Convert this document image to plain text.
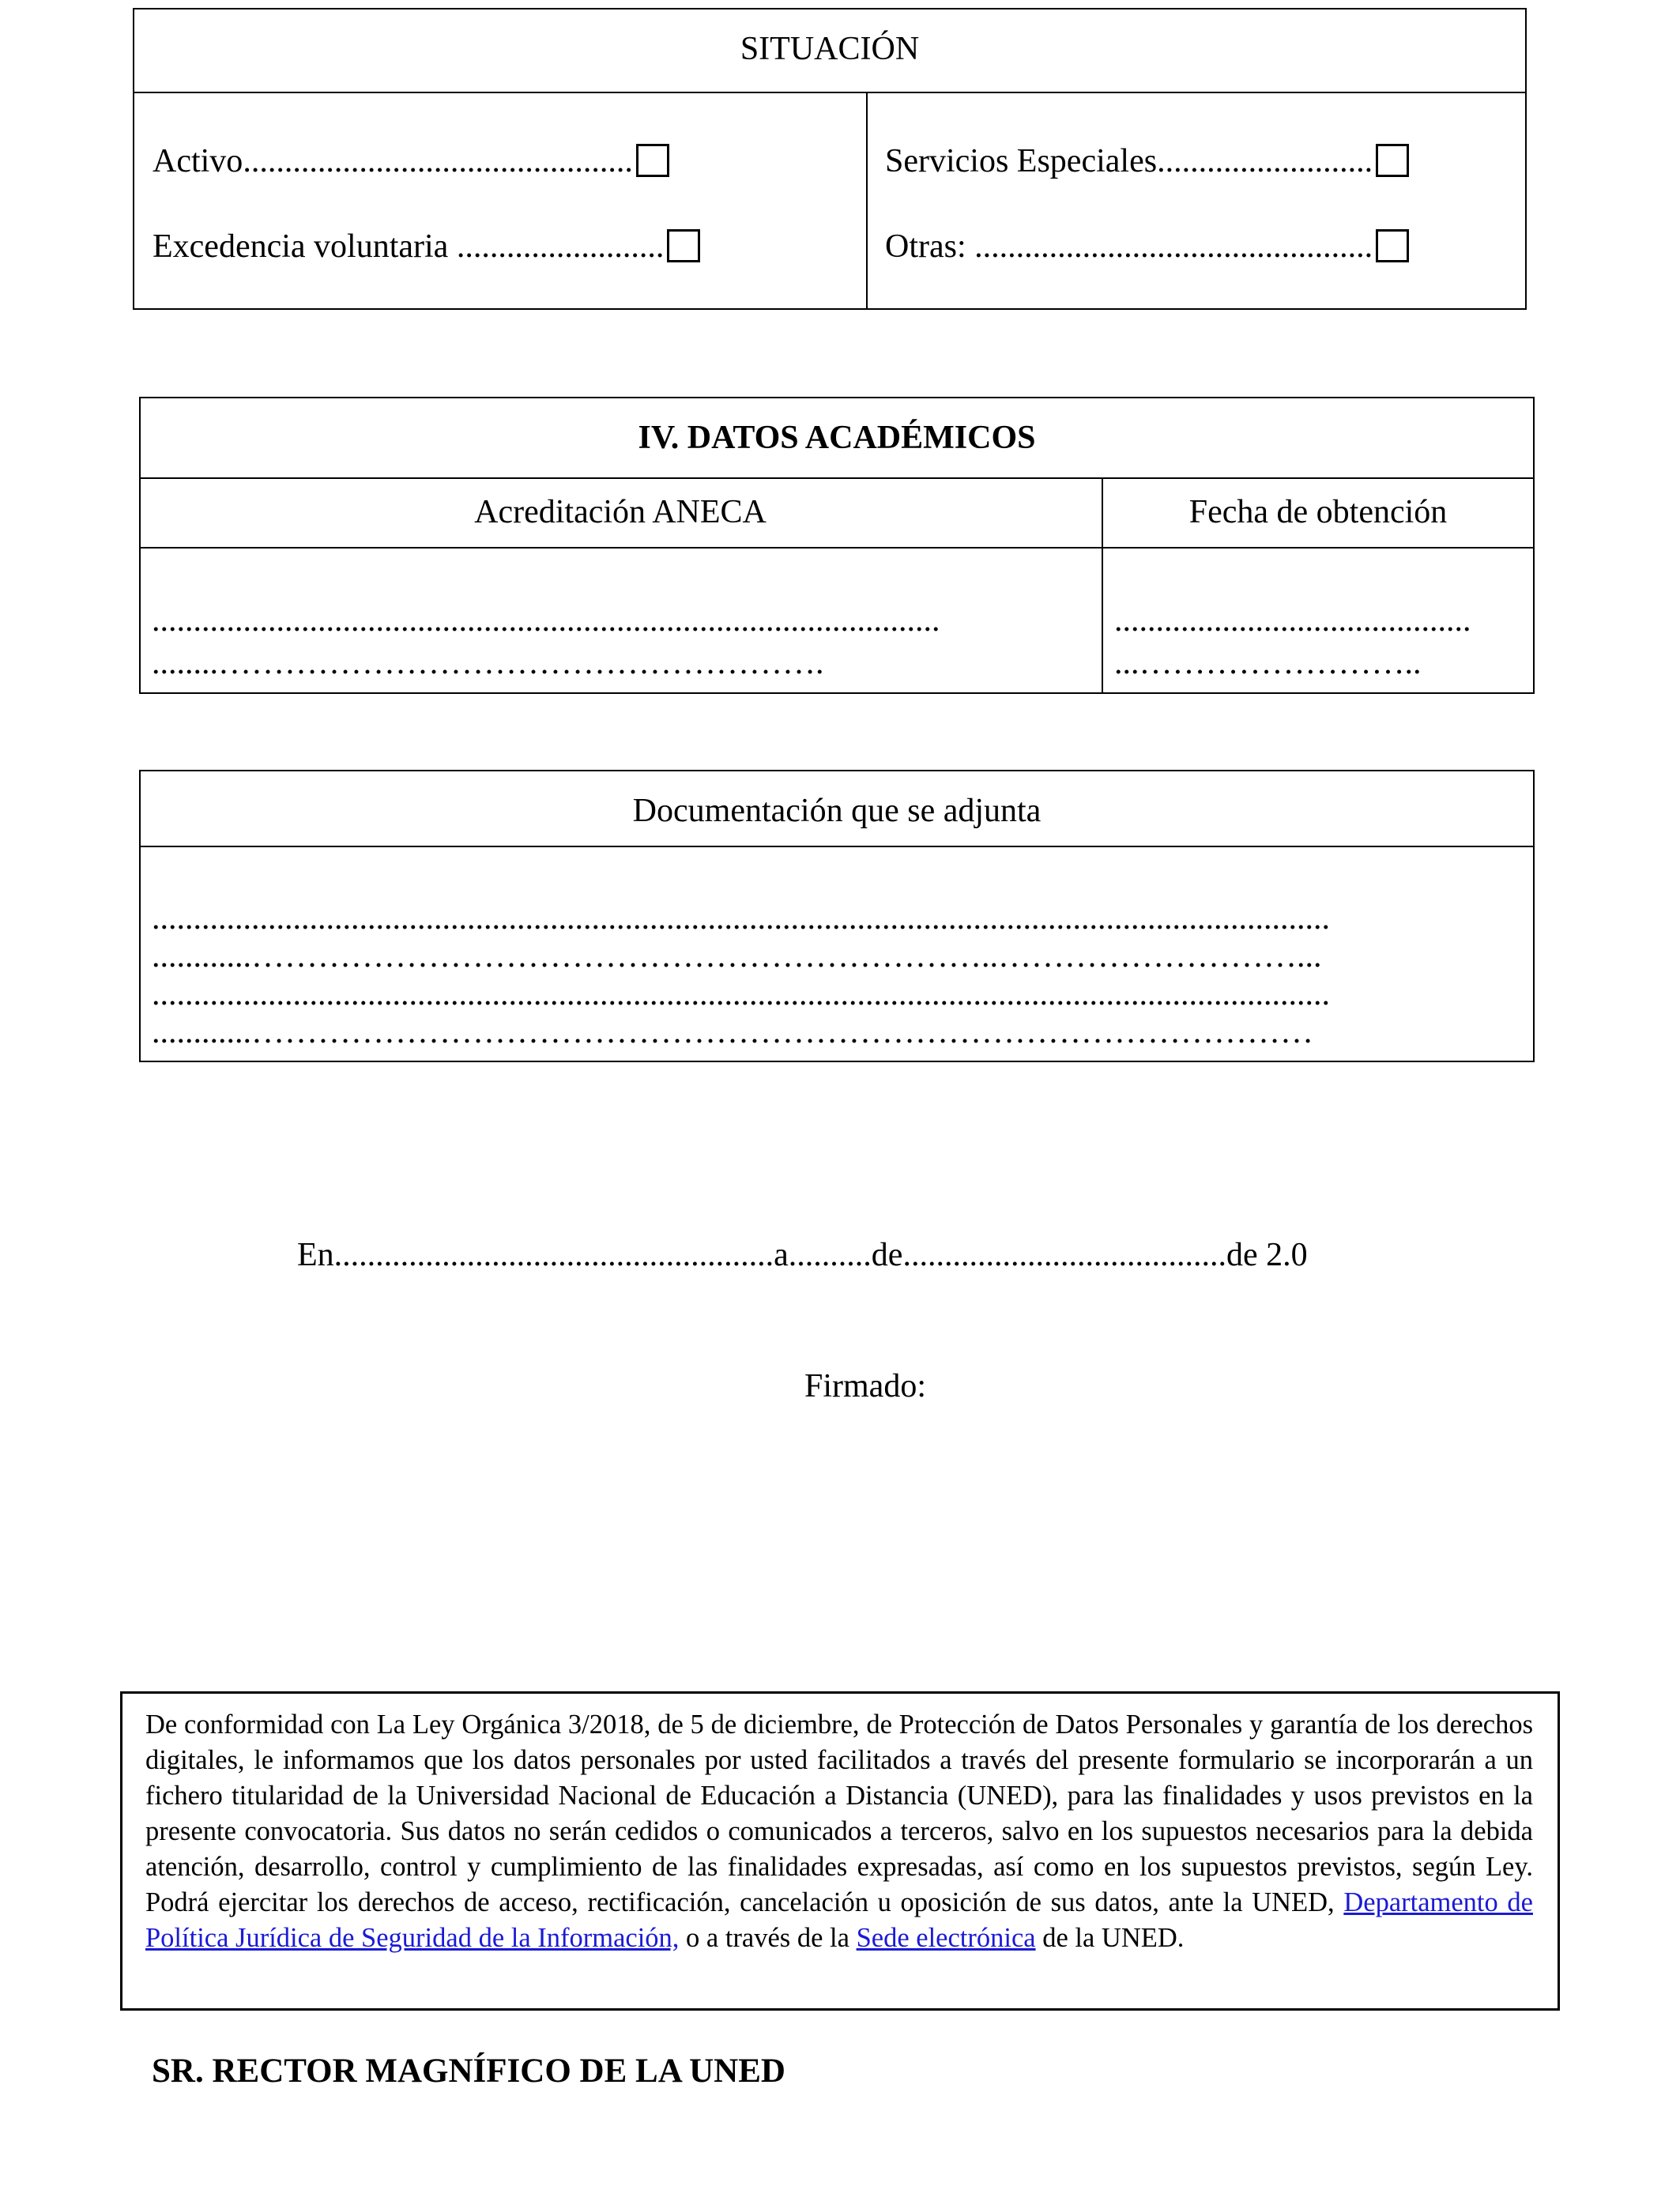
SITUACIÓN
Activo...............................................
Excedencia voluntaria .........................
Servicios Especiales..........................
Otras: ................................................
IV. DATOS ACADÉMICOS
Acreditación ANECA	Fecha de obtención
...............................................................................................
........……………………………………………….
...........................................
...……………………..
Documentación que se adjunta
..............................................................................................................................................
............…………………………………………………………..………………………...
..............................................................................................................................................
............……………………………………………………………………………………
En.....................................................a..........de.......................................de 2.0
Firmado:
De conformidad con La Ley Orgánica 3/2018, de 5 de diciembre, de Protección de Datos Personales y garantía de los derechos digitales, le informamos que los datos personales por usted facilitados a través del presente formulario se incorporarán a un fichero titularidad de la Universidad Nacional de Educación a Distancia (UNED), para las finalidades y usos previstos en la presente convocatoria. Sus datos no serán cedidos o comunicados a terceros, salvo en los supuestos necesarios para la debida atención, desarrollo, control y cumplimiento de las finalidades expresadas, así como en los supuestos previstos, según Ley. Podrá ejercitar los derechos de acceso, rectificación, cancelación u oposición de sus datos, ante la UNED, Departamento de Política Jurídica de Seguridad de la Información, o a través de la Sede electrónica de la UNED.
SR. RECTOR MAGNÍFICO DE LA UNED
